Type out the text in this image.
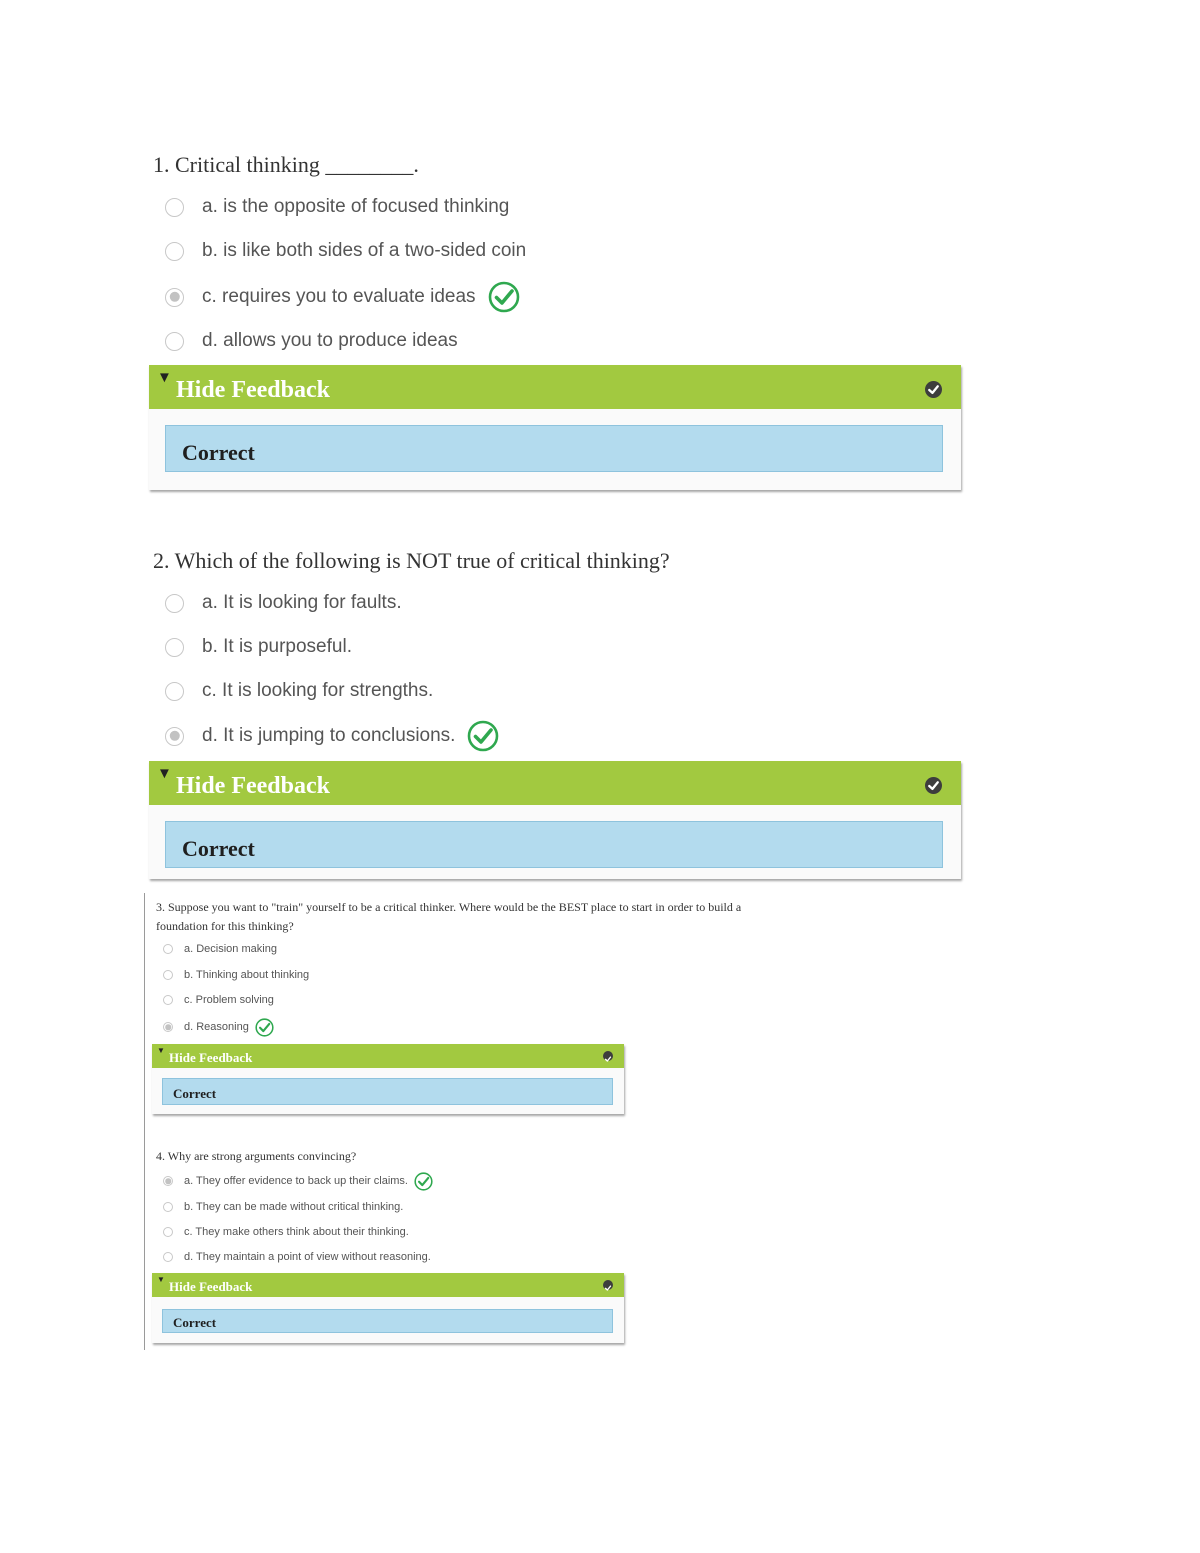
1. Critical thinking ________.
a. is the opposite of focused thinking
b. is like both sides of a two-sided coin
c. requires you to evaluate ideas
d. allows you to produce ideas
▼ Hide Feedback
Correct
2. Which of the following is NOT true of critical thinking?
a. It is looking for faults.
b. It is purposeful.
c. It is looking for strengths.
d. It is jumping to conclusions.
▼ Hide Feedback
Correct
3. Suppose you want to "train" yourself to be a critical thinker. Where would be the BEST place to start in order to build a
foundation for this thinking?
a. Decision making
b. Thinking about thinking
c. Problem solving
d. Reasoning
▼ Hide Feedback
Correct
4. Why are strong arguments convincing?
a. They offer evidence to back up their claims.
b. They can be made without critical thinking.
c. They make others think about their thinking.
d. They maintain a point of view without reasoning.
▼ Hide Feedback
Correct
